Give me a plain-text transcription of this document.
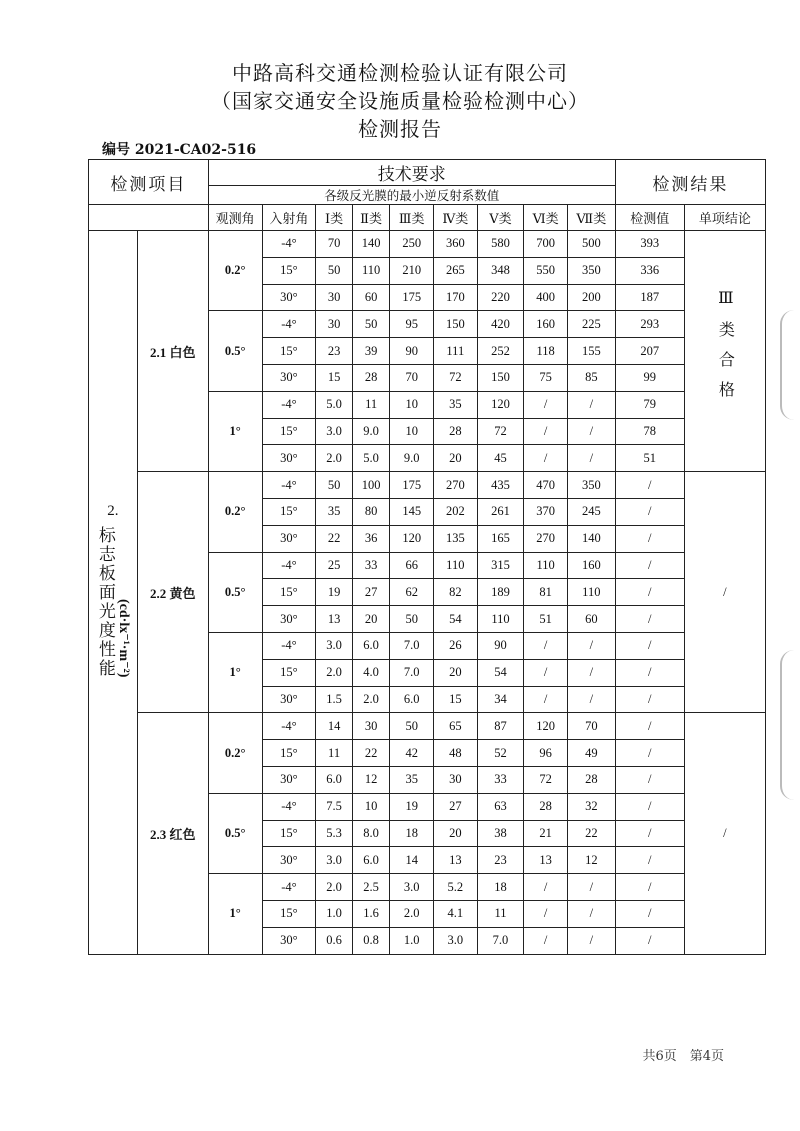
中路高科交通检测检验认证有限公司
（国家交通安全设施质量检验检测中心）
检测报告
编号 2021-CA02-516
检测项目		技术要求									检测结果	
		各级反光膜的最小逆反射系数值										
		观测角	入射角	Ⅰ类	Ⅱ类	Ⅲ类	Ⅳ类	Ⅴ类	Ⅵ类	Ⅶ类	检测值	单项结论

2.
标志板面光度性能(cd·lx⁻¹·m⁻²)	2.1 白色	0.2°	-4°	70	140	250	360	580	700	500	393	Ⅲ类合格
			15°	50	110	210	265	348	550	350	336	
			30°	30	60	175	170	220	400	200	187	
		0.5°	-4°	30	50	95	150	420	160	225	293	
			15°	23	39	90	111	252	118	155	207	
			30°	15	28	70	72	150	75	85	99	
		1°	-4°	5.0	11	10	35	120	/	/	79	
			15°	3.0	9.0	10	28	72	/	/	78	
			30°	2.0	5.0	9.0	20	45	/	/	51	
	2.2 黄色	0.2°	-4°	50	100	175	270	435	470	350	/	/
			15°	35	80	145	202	261	370	245	/	
			30°	22	36	120	135	165	270	140	/	
		0.5°	-4°	25	33	66	110	315	110	160	/	
			15°	19	27	62	82	189	81	110	/	
			30°	13	20	50	54	110	51	60	/	
		1°	-4°	3.0	6.0	7.0	26	90	/	/	/	
			15°	2.0	4.0	7.0	20	54	/	/	/	
			30°	1.5	2.0	6.0	15	34	/	/	/	
	2.3 红色	0.2°	-4°	14	30	50	65	87	120	70	/	/
			15°	11	22	42	48	52	96	49	/	
			30°	6.0	12	35	30	33	72	28	/	
		0.5°	-4°	7.5	10	19	27	63	28	32	/	
			15°	5.3	8.0	18	20	38	21	22	/	
			30°	3.0	6.0	14	13	23	13	12	/	
		1°	-4°	2.0	2.5	3.0	5.2	18	/	/	/	
			15°	1.0	1.6	2.0	4.1	11	/	/	/	
			30°	0.6	0.8	1.0	3.0	7.0	/	/	/	
共6页　第4页
